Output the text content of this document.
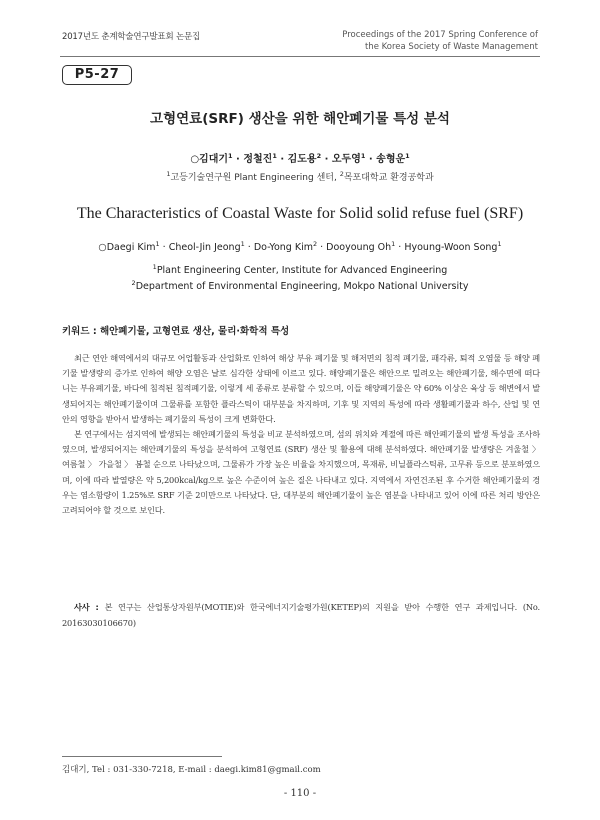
2017년도 춘계학술연구발표회 논문집	Proceedings of the 2017 Spring Conference of
the Korea Society of Waste Management
P5-27
고형연료(SRF) 생산을 위한 해안폐기물 특성 분석
○김대기$^1$ · 정철진$^1$ · 김도용$^2$ · 오두영$^1$ · 송형운$^1$
$^1$고등기술연구원 Plant Engineering 센터, $^2$목포대학교 환경공학과
The Characteristics of Coastal Waste for Solid solid refuse fuel (SRF)
○Daegi Kim$^1$ · Cheol-Jin Jeong$^1$ · Do-Yong Kim$^2$ · Dooyoung $Oh^1$ · Hyoung-Woon Song$^1$
$^1$Plant Engineering Center, Institute for Advanced Engineering
$^2$Department of Environmental Engineering, Mokpo National University
키워드 : 해안폐기물, 고형연료 생산, 물리·화학적 특성

최근 연안 해역에서의 대규모 어업활동과 산업화로 인하여 해상 부유 폐기물 및 해저면의 침적 폐기물, 패각류, 퇴적 오염물 등 해양 폐기물 발생량의 증가로 인하여 해양 오염은 날로 심각한 상태에 이르고 있다. 해양폐기물은 해안으로 밀려오는 해안폐기물, 해수면에 떠다니는 부유폐기물, 바다에 침적된 침적폐기물, 이렇게 세 종류로 분류할 수 있으며, 이들 해양폐기물은 약 60% 이상은 육상 등 해변에서 발생되어지는 해안폐기물이며 그물류를 포함한 플라스틱이 대부분을 차지하며, 기후 및 지역의 특성에 따라 생활폐기물과 하수, 산업 및 연안의 영향을 받아서 발생하는 폐기물의 특성이 크게 변화한다.

본 연구에서는 섬지역에 발생되는 해안폐기물의 특성을 비교 분석하였으며, 섬의 위치와 계절에 따른 해안폐기물의 발생 특성을 조사하였으며, 발생되어지는 해안폐기물의 특성을 분석하여 고형연료 (SRF) 생산 및 활용에 대해 분석하였다. 해안폐기물 발생량은 겨울철 〉 여름철 〉 가을철 〉 봄철 순으로 나타났으며, 그물류가 가장 높은 비율을 차지했으며, 목재류, 비닐플라스틱류, 고무류 등으로 분포하였으며, 이에 따라 발열량은 약 5,200kcal/kg으로 높은 수준이여 높은 질은 나타내고 있다. 지역에서 자연건조된 후 수거한 해안폐기물의 경우는 염소함량이 1.25%로 SRF 기준 2미만으로 나타났다. 단, 대부분의 해안폐기물이 높은 염분을 나타내고 있어 이에 따른 처리 방안은 고려되어야 할 것으로 보인다.

사사 : 본 연구는 산업통상자원부(MOTIE)와 한국에너지기술평가원(KETEP)의 지원을 받아 수행한 연구 과제입니다. (No. 20163030106670)
김대기, Tel : 031-330-7218, E-mail : daegi.kim81@gmail.com
- 110 -
